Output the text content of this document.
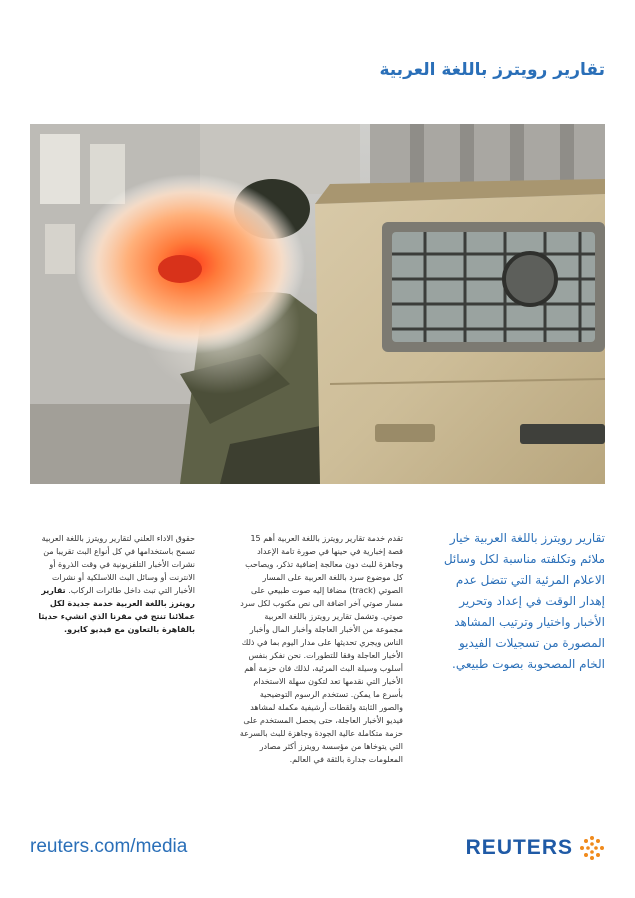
تقارير رويترز باللغة العربية

تقارير رويترز باللغة العربية خيار ملائم وتكلفته مناسبة لكل وسائل الاعلام المرئية التي تتضل عدم إهدار الوقت في إعداد وتحرير الأخبار واختيار وترتيب المشاهد المصورة من تسجيلات الفيديو الخام المصحوبة بصوت طبيعي.

تقدم خدمة تقارير رويترز باللغة العربية أهم 15 قصة إخبارية في حينها في صورة تامة الإعداد وجاهزة للبث دون معالجة إضافية تذكر، ويصاحب كل موضوع سرد باللغة العربية على المسار الصوتي (track) مضافا إليه صوت طبيعي على مسار صوتي آخر اضافة الى نص مكتوب لكل سرد صوتي. وتشمل تقارير رويترز باللغة العربية مجموعة من الأخبار العاجلة وأخبار المال وأخبار الناس ويجري تحديثها على مدار اليوم بما في ذلك الأخبار العاجلة وفقا للتطورات. نحن نفكر بنفس أسلوب وسيلة البث المرئية، لذلك فان حزمة أهم الأخبار التي نقدمها تعد لتكون سهلة الاستخدام بأسرع ما يمكن. تستخدم الرسوم التوضيحية والصور الثابتة ولقطات أرشيفية مكملة لمشاهد فيديو الأخبار العاجلة، حتى يحصل المستخدم على حزمة متكاملة عالية الجودة وجاهزة للبث بالسرعة التي يتوخاها من مؤسسة رويترز أكثر مصادر المعلومات جدارة بالثقة في العالم.

حقوق الاداء العلني لتقارير رويترز باللغة العربية تسمح باستخدامها في كل أنواع البث تقريبا من نشرات الأخبار التلفزيونية في وقت الذروة أو الانترنت أو وسائل البث اللاسلكية أو نشرات الأخبار التي تبث داخل طائرات الركاب. تقارير رويترز باللغة العربية خدمة جديدة لكل عملائنا تنتج في مقرنا الذي انشيء حديثا بالقاهرة بالتعاون مع فيديو كايرو.

reuters.com/media	REUTERS
